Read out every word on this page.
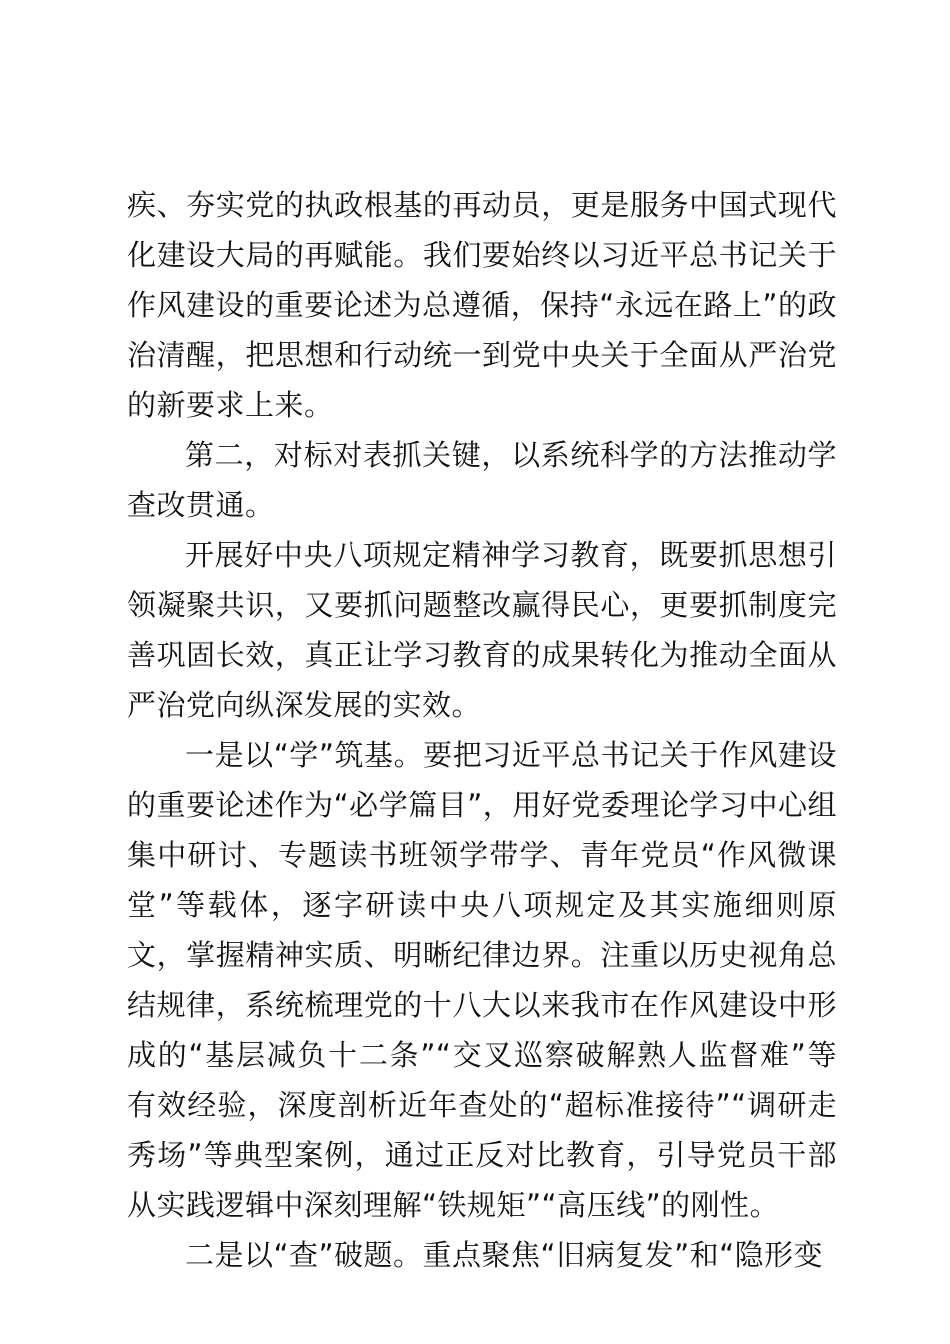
疾、夯实党的执政根基的再动员，更是服务中国式现代化建设大局的再赋能。我们要始终以习近平总书记关于作风建设的重要论述为总遵循，保持“永远在路上”的政治清醒，把思想和行动统一到党中央关于全面从严治党的新要求上来。

第二，对标对表抓关键，以系统科学的方法推动学查改贯通。

开展好中央八项规定精神学习教育，既要抓思想引领凝聚共识，又要抓问题整改赢得民心，更要抓制度完善巩固长效，真正让学习教育的成果转化为推动全面从严治党向纵深发展的实效。

一是以“学”筑基。要把习近平总书记关于作风建设的重要论述作为“必学篇目”，用好党委理论学习中心组集中研讨、专题读书班领学带学、青年党员“作风微课堂”等载体，逐字研读中央八项规定及其实施细则原文，掌握精神实质、明晰纪律边界。注重以历史视角总结规律，系统梳理党的十八大以来我市在作风建设中形成的“基层减负十二条”“交叉巡察破解熟人监督难”等有效经验，深度剖析近年查处的“超标准接待”“调研走秀场”等典型案例，通过正反对比教育，引导党员干部从实践逻辑中深刻理解“铁规矩”“高压线”的刚性。

二是以“查”破题。重点聚焦“旧病复发”和“隐形变
